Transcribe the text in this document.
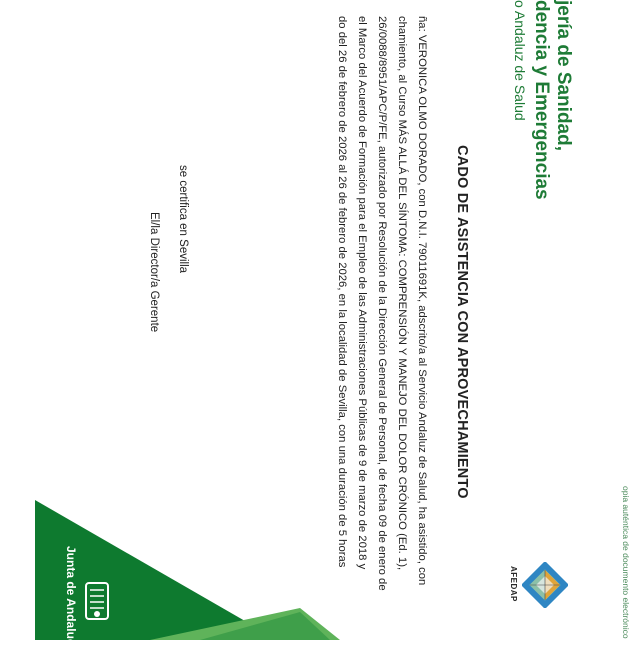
jería de Sanidad,
dencia y Emergencias
o Andaluz de Salud
CADO DE ASISTENCIA CON APROVECHAMIENTO
ña: VERONICA OLMO DORADO, con D.N.I. 79011691K, adscrito/a al Servicio Andaluz de Salud, ha asistido, con
chamiento, al Curso MÁS ALLÁ DEL SÍNTOMA: COMPRENSIÓN Y MANEJO DEL DOLOR CRÓNICO (Ed. 1),
26/0088/8951/APC/P/FE, autorizado por Resolución de la Dirección General de Personal, de fecha 09 de enero de
el Marco del Acuerdo de Formación para el Empleo de las Administraciones Públicas de 9 de marzo de 2018 y
do del 26 de febrero de 2026 al 26 de febrero de 2026, en la localidad de Sevilla, con una duración de 5 horas
se certifica en Sevilla
El/la Director/a Gerente
AFEDAP	opia auténtica de documento electrónico
Junta de Andaluc
